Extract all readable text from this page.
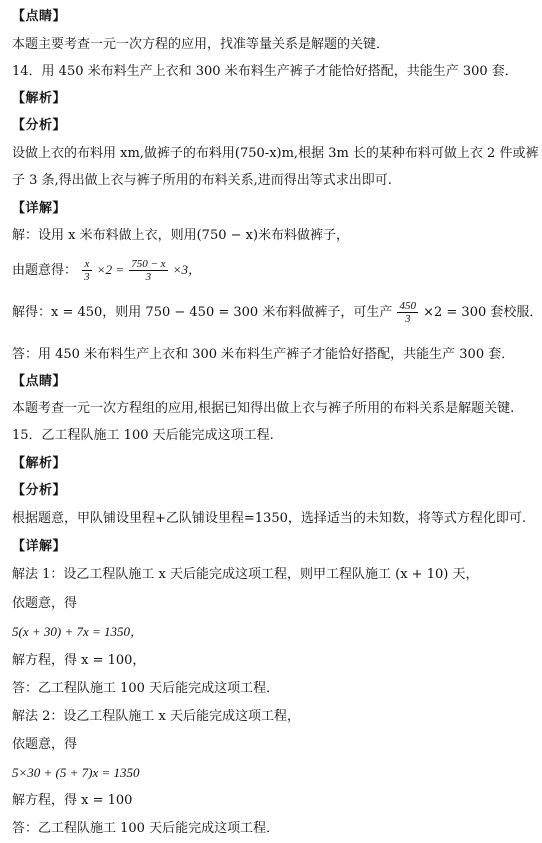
【点睛】
本题主要考查一元一次方程的应用，找准等量关系是解题的关键．
14．用 450 米布料生产上衣和 300 米布料生产裤子才能恰好搭配，共能生产 300 套．
【解析】
【分析】
设做上衣的布料用 xm,做裤子的布料用(750-x)m,根据 3m 长的某种布料可做上衣 2 件或裤
子 3 条,得出做上衣与裤子所用的布料关系,进而得出等式求出即可.
【详解】
解：设用 x 米布料做上衣，则用(750 − x)米布料做裤子，
由题意得： $\frac{x}{3} \times 2 = \frac{750 - x}{3} \times 3$，
解得：x = 450，则用 750 − 450 = 300 米布料做裤子，可生产 $\frac{450}{3} \times 2 = 300$ 套校服．
答：用 450 米布料生产上衣和 300 米布料生产裤子才能恰好搭配，共能生产 300 套．
【点睛】
本题考查一元一次方程组的应用,根据已知得出做上衣与裤子所用的布料关系是解题关键.
15．乙工程队施工 100 天后能完成这项工程.
【解析】
【分析】
根据题意，甲队铺设里程+乙队铺设里程=1350，选择适当的未知数，将等式方程化即可.
【详解】
解法 1：设乙工程队施工 x 天后能完成这项工程，则甲工程队施工 (x + 10) 天，
依题意，得
5(x + 30) + 7x = 1350，
解方程，得 x = 100，
答：乙工程队施工 100 天后能完成这项工程．
解法 2：设乙工程队施工 x 天后能完成这项工程，
依题意，得
5×30 + (5 + 7)x = 1350
解方程，得 x = 100
答：乙工程队施工 100 天后能完成这项工程．
